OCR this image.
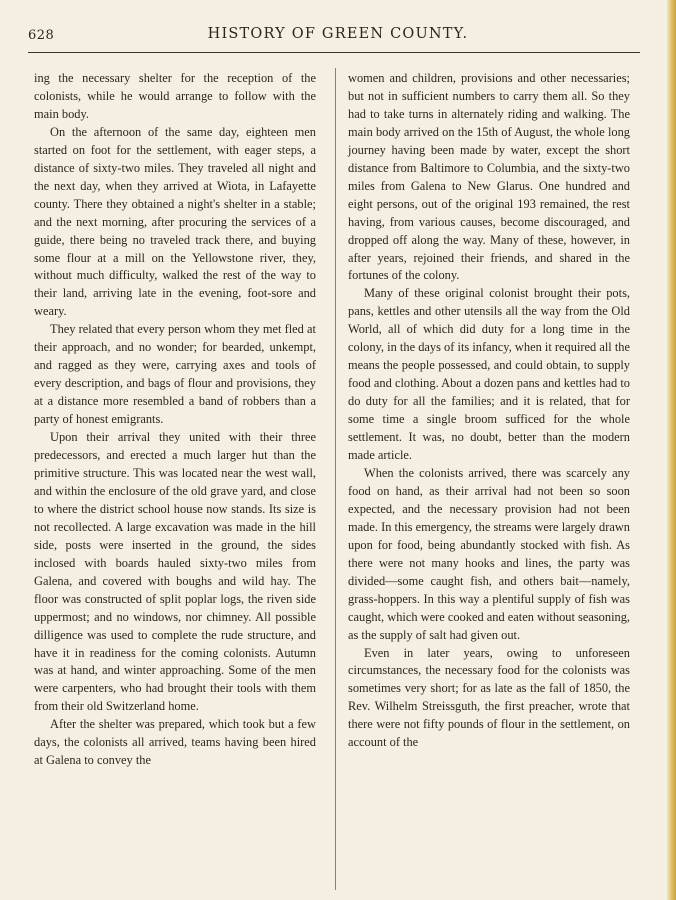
628	HISTORY OF GREEN COUNTY.

ing the necessary shelter for the reception of the colonists, while he would arrange to follow with the main body.

On the afternoon of the same day, eighteen men started on foot for the settlement, with eager steps, a distance of sixty-two miles. They traveled all night and the next day, when they arrived at Wiota, in Lafayette county. There they obtained a night's shelter in a stable; and the next morning, after procuring the services of a guide, there being no traveled track there, and buying some flour at a mill on the Yellowstone river, they, without much difficulty, walked the rest of the way to their land, arriving late in the evening, foot-sore and weary.

They related that every person whom they met fled at their approach, and no wonder; for bearded, unkempt, and ragged as they were, carrying axes and tools of every description, and bags of flour and provisions, they at a distance more resembled a band of robbers than a party of honest emigrants.

Upon their arrival they united with their three predecessors, and erected a much larger hut than the primitive structure. This was located near the west wall, and within the enclosure of the old grave yard, and close to where the district school house now stands. Its size is not recollected. A large excavation was made in the hill side, posts were inserted in the ground, the sides inclosed with boards hauled sixty-two miles from Galena, and covered with boughs and wild hay. The floor was constructed of split poplar logs, the riven side uppermost; and no windows, nor chimney. All possible dilligence was used to complete the rude structure, and have it in readiness for the coming colonists. Autumn was at hand, and winter approaching. Some of the men were carpenters, who had brought their tools with them from their old Switzerland home.

After the shelter was prepared, which took but a few days, the colonists all arrived, teams having been hired at Galena to convey the

women and children, provisions and other necessaries; but not in sufficient numbers to carry them all. So they had to take turns in alternately riding and walking. The main body arrived on the 15th of August, the whole long journey having been made by water, except the short distance from Baltimore to Columbia, and the sixty-two miles from Galena to New Glarus. One hundred and eight persons, out of the original 193 remained, the rest having, from various causes, become discouraged, and dropped off along the way. Many of these, however, in after years, rejoined their friends, and shared in the fortunes of the colony.

Many of these original colonist brought their pots, pans, kettles and other utensils all the way from the Old World, all of which did duty for a long time in the colony, in the days of its infancy, when it required all the means the people possessed, and could obtain, to supply food and clothing. About a dozen pans and kettles had to do duty for all the families; and it is related, that for some time a single broom sufficed for the whole settlement. It was, no doubt, better than the modern made article.

When the colonists arrived, there was scarcely any food on hand, as their arrival had not been so soon expected, and the necessary provision had not been made. In this emergency, the streams were largely drawn upon for food, being abundantly stocked with fish. As there were not many hooks and lines, the party was divided—some caught fish, and others bait—namely, grass-hoppers. In this way a plentiful supply of fish was caught, which were cooked and eaten without seasoning, as the supply of salt had given out.

Even in later years, owing to unforeseen circumstances, the necessary food for the colonists was sometimes very short; for as late as the fall of 1850, the Rev. Wilhelm Streissguth, the first preacher, wrote that there were not fifty pounds of flour in the settlement, on account of the
